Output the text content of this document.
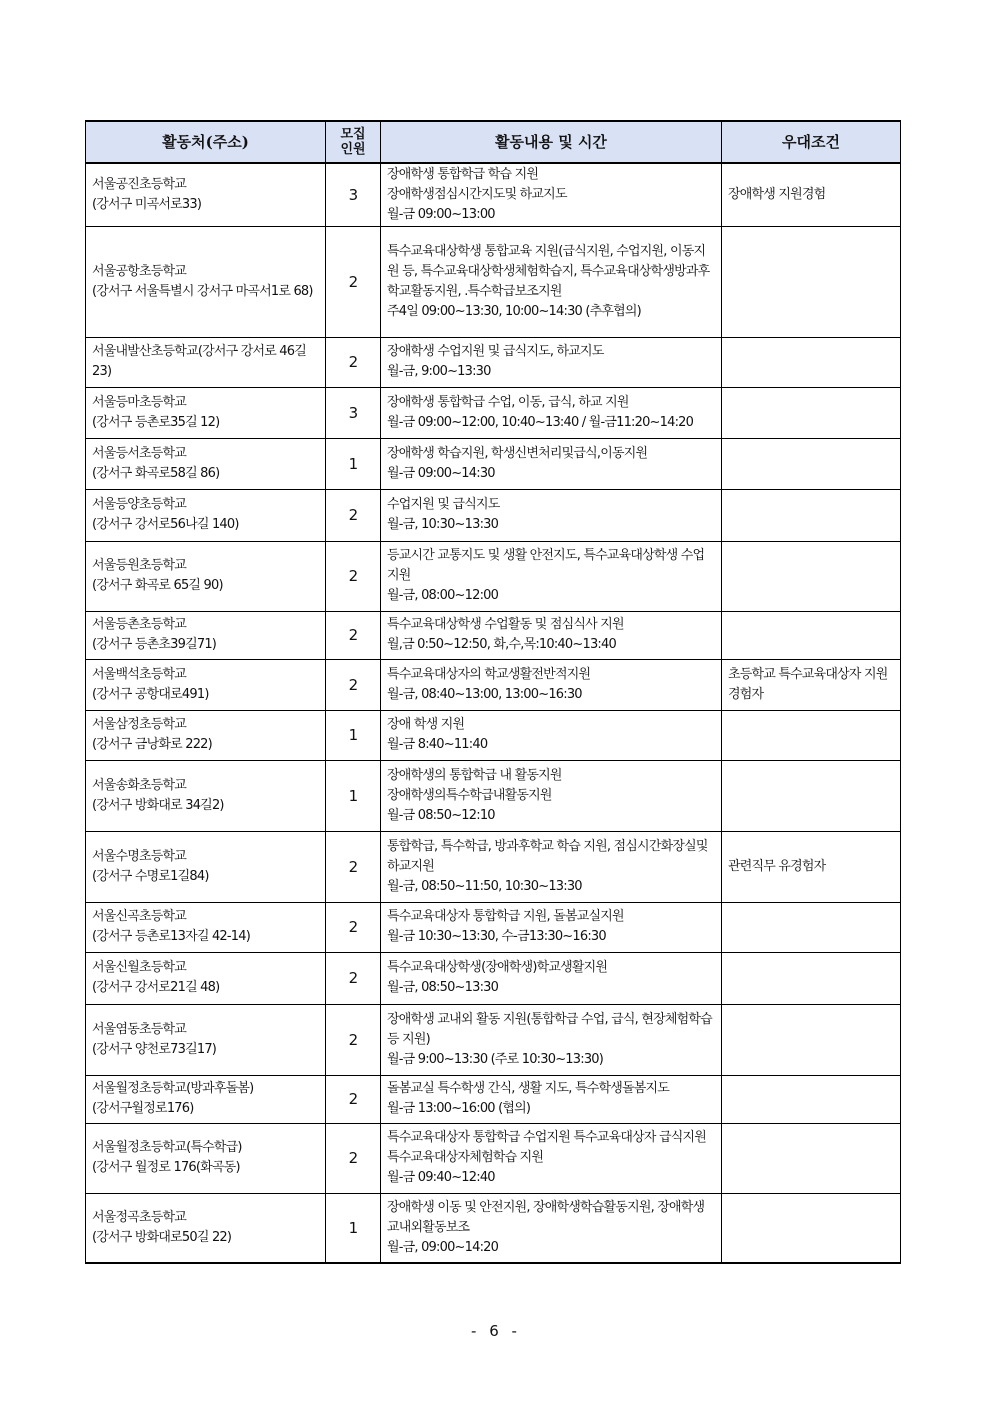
활동처(주소)	모집
인원	활동내용 및 시간	우대조건

서울공진초등학교
(강서구 미곡서로33)	3	장애학생 통합학급 학습 지원
장애학생점심시간지도및 하교지도
월-금 09:00~13:00	장애학생 지원경험

서울공항초등학교
(강서구 서울특별시 강서구 마곡서1로 68)	2	특수교육대상학생 통합교육 지원(급식지원, 수업지원, 이동지원 등, 특수교육대상학생체험학습지, 특수교육대상학생방과후학교활동지원, .특수학급보조지원
주4일 09:00~13:30, 10:00~14:30 (추후협의)	

서울내발산초등학교(강서구 강서로 46길 23)	2	장애학생 수업지원 및 급식지도, 하교지도
월-금, 9:00~13:30	

서울등마초등학교
(강서구 등촌로35길 12)	3	장애학생 통합학급 수업, 이동, 급식, 하교 지원
월-금 09:00~12:00, 10:40~13:40 / 월-금11:20~14:20	

서울등서초등학교
(강서구 화곡로58길 86)	1	장애학생 학습지원, 학생신변처리및급식,이동지원
월-금 09:00~14:30	

서울등양초등학교
(강서구 강서로56나길 140)	2	수업지원 및 급식지도
월-금, 10:30~13:30	

서울등원초등학교
(강서구 화곡로 65길 90)	2	등교시간 교통지도 및 생활 안전지도, 특수교육대상학생 수업지원
월-금, 08:00~12:00	

서울등촌초등학교
(강서구 등촌초39길71)	2	특수교육대상학생 수업활동 및 점심식사 지원
월,금 0:50~12:50, 화,수,목:10:40~13:40	

서울백석초등학교
(강서구 공항대로491)	2	특수교육대상자의 학교생활전반적지원
월-금, 08:40~13:00, 13:00~16:30	초등학교 특수교육대상자 지원 경험자

서울삼정초등학교
(강서구 금낭화로 222)	1	장애 학생 지원
월-금 8:40~11:40	

서울송화초등학교
(강서구 방화대로 34길2)	1	장애학생의 통합학급 내 활동지원
장애학생의특수학급내활동지원
월-금 08:50~12:10	

서울수명초등학교
(강서구 수명로1길84)	2	통합학급, 특수학급, 방과후학교 학습 지원, 점심시간화장실및하교지원
월-금, 08:50~11:50, 10:30~13:30	관련직무 유경험자

서울신곡초등학교
(강서구 등촌로13자길 42-14)	2	특수교육대상자 통합학급 지원, 돌봄교실지원
월-금 10:30~13:30, 수-금13:30~16:30	

서울신월초등학교
(강서구 강서로21길 48)	2	특수교육대상학생(장애학생)학교생활지원
월-금, 08:50~13:30	

서울염동초등학교
(강서구 양천로73길17)	2	장애학생 교내외 활동 지원(통합학급 수업, 급식, 현장체험학습 등 지원)
월-금 9:00~13:30 (주로 10:30~13:30)	

서울월정초등학교(방과후돌봄)
(강서구월정로176)	2	돌봄교실 특수학생 간식, 생활 지도, 특수학생돌봄지도
월-금 13:00~16:00 (협의)	

서울월정초등학교(특수학급)
(강서구 월정로 176(화곡동)	2	특수교육대상자 통합학급 수업지원 특수교육대상자 급식지원 특수교육대상자체험학습 지원
월-금 09:40~12:40	

서울정곡초등학교
(강서구 방화대로50길 22)	1	장애학생 이동 및 안전지원, 장애학생학습활동지원, 장애학생교내외활동보조
월-금, 09:00~14:20	

- 6 -
